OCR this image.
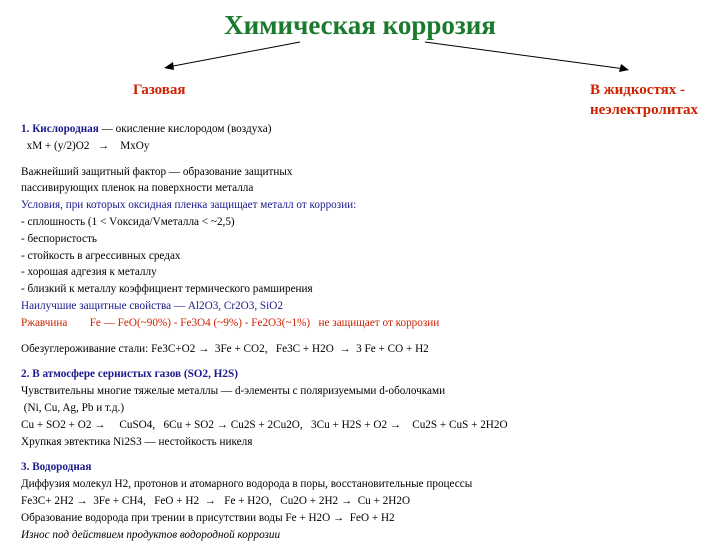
Химическая коррозия
Газовая	В жидкостях -
неэлектролитах
1. Кислородная — окисление кислородом (воздуха)
xM + (y/2)O2   →    MxOy
Важнейший защитный фактор — образование защитных
пассивирующих пленок на поверхности металла
Условия, при которых оксидная пленка защищает металл от коррозии:
- сплошность (1 < Vоксида/Vметалла < ~2,5)
- беспористость
- стойкость в агрессивных средах
- хорошая адгезия к металлу
- близкий к металлу коэффициент термического рамширения
Наилучшие защитные свойства — Al2O3, Cr2O3, SiO2
Ржавчина        Fe — FeO(~90%) - Fe3O4 (~9%) - Fe2O3(~1%)   не защищает от коррозии
Обезуглероживание стали: Fe3C+O2 →  3Fe + CO2,   Fe3C + H2O  →  3 Fe + CO + H2
2. В атмосфере сернистых газов (SO2, H2S)
Чувствительны многие тяжелые металлы — d-элементы с поляризуемыми d-оболочками
(Ni, Cu, Ag, Pb и т.д.)
Cu + SO2 + O2 →     CuSO4,   6Cu + SO2 → Cu2S + 2Cu2O,   3Cu + H2S + O2 →    Cu2S + CuS + 2H2O
Хрупкая эвтектика Ni2S3 — нестойкость никеля
3. Водородная
Диффузия молекул H2, протонов и атомарного водорода в поры, восстановительные процессы
Fe3C+ 2H2 →  3Fe + CH4,   FeO + H2  →   Fe + H2O,   Cu2O + 2H2 →  Cu + 2H2O
Образование водорода при трении в присутствии воды Fe + H2O →  FeO + H2
Износ под действием продуктов водородной коррозии
